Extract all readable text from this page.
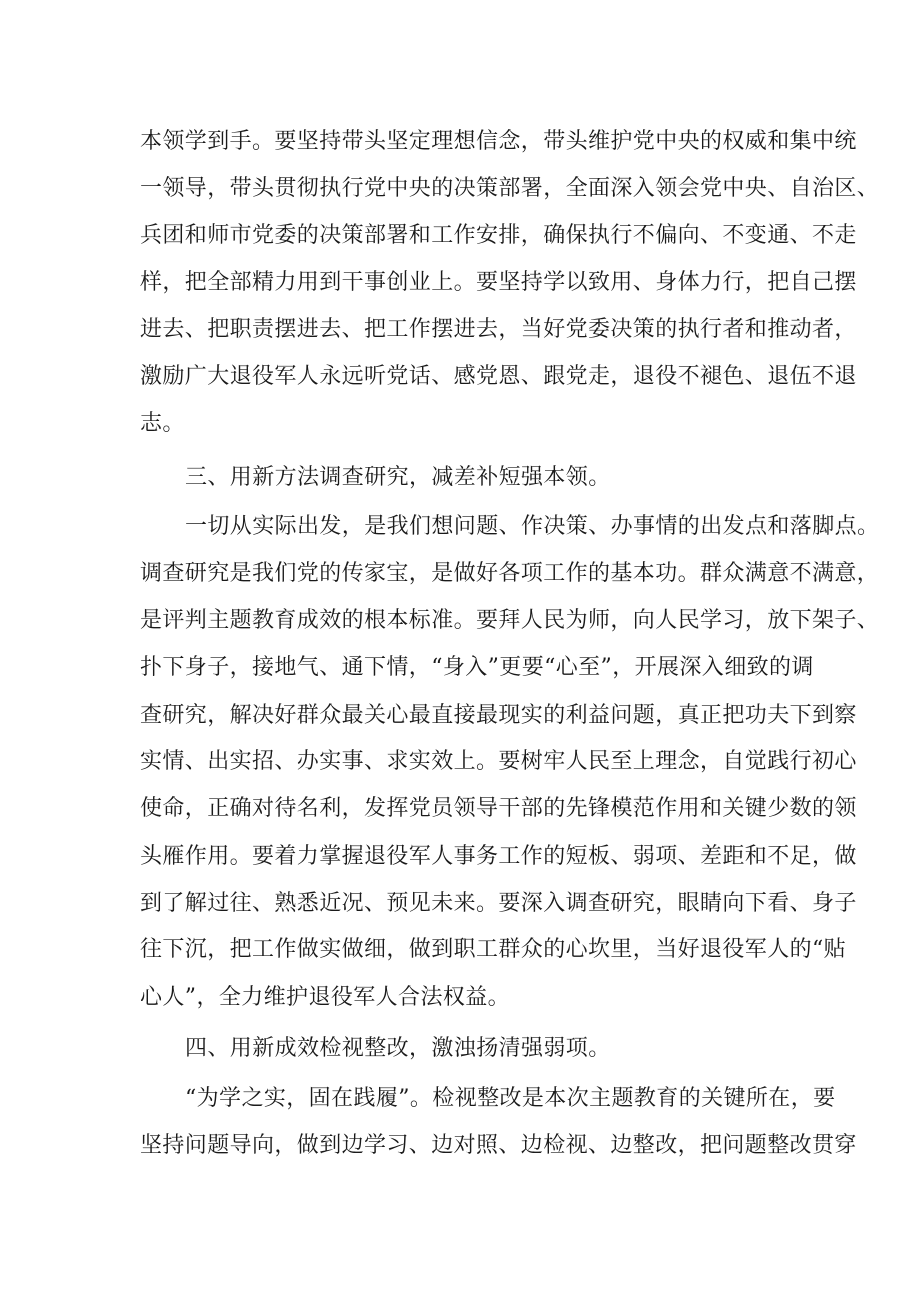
本领学到手。要坚持带头坚定理想信念，带头维护党中央的权威和集中统
一领导，带头贯彻执行党中央的决策部署，全面深入领会党中央、自治区、
兵团和师市党委的决策部署和工作安排，确保执行不偏向、不变通、不走
样，把全部精力用到干事创业上。要坚持学以致用、身体力行，把自己摆
进去、把职责摆进去、把工作摆进去，当好党委决策的执行者和推动者，
激励广大退役军人永远听党话、感党恩、跟党走，退役不褪色、退伍不退
志。
三、用新方法调查研究，减差补短强本领。
一切从实际出发，是我们想问题、作决策、办事情的出发点和落脚点。
调查研究是我们党的传家宝，是做好各项工作的基本功。群众满意不满意，
是评判主题教育成效的根本标准。要拜人民为师，向人民学习，放下架子、
扑下身子，接地气、通下情，“身入”更要“心至”，开展深入细致的调
查研究，解决好群众最关心最直接最现实的利益问题，真正把功夫下到察
实情、出实招、办实事、求实效上。要树牢人民至上理念，自觉践行初心
使命，正确对待名利，发挥党员领导干部的先锋模范作用和关键少数的领
头雁作用。要着力掌握退役军人事务工作的短板、弱项、差距和不足，做
到了解过往、熟悉近况、预见未来。要深入调查研究，眼睛向下看、身子
往下沉，把工作做实做细，做到职工群众的心坎里，当好退役军人的“贴
心人”，全力维护退役军人合法权益。
四、用新成效检视整改，激浊扬清强弱项。
“为学之实，固在践履”。检视整改是本次主题教育的关键所在，要
坚持问题导向，做到边学习、边对照、边检视、边整改，把问题整改贯穿
